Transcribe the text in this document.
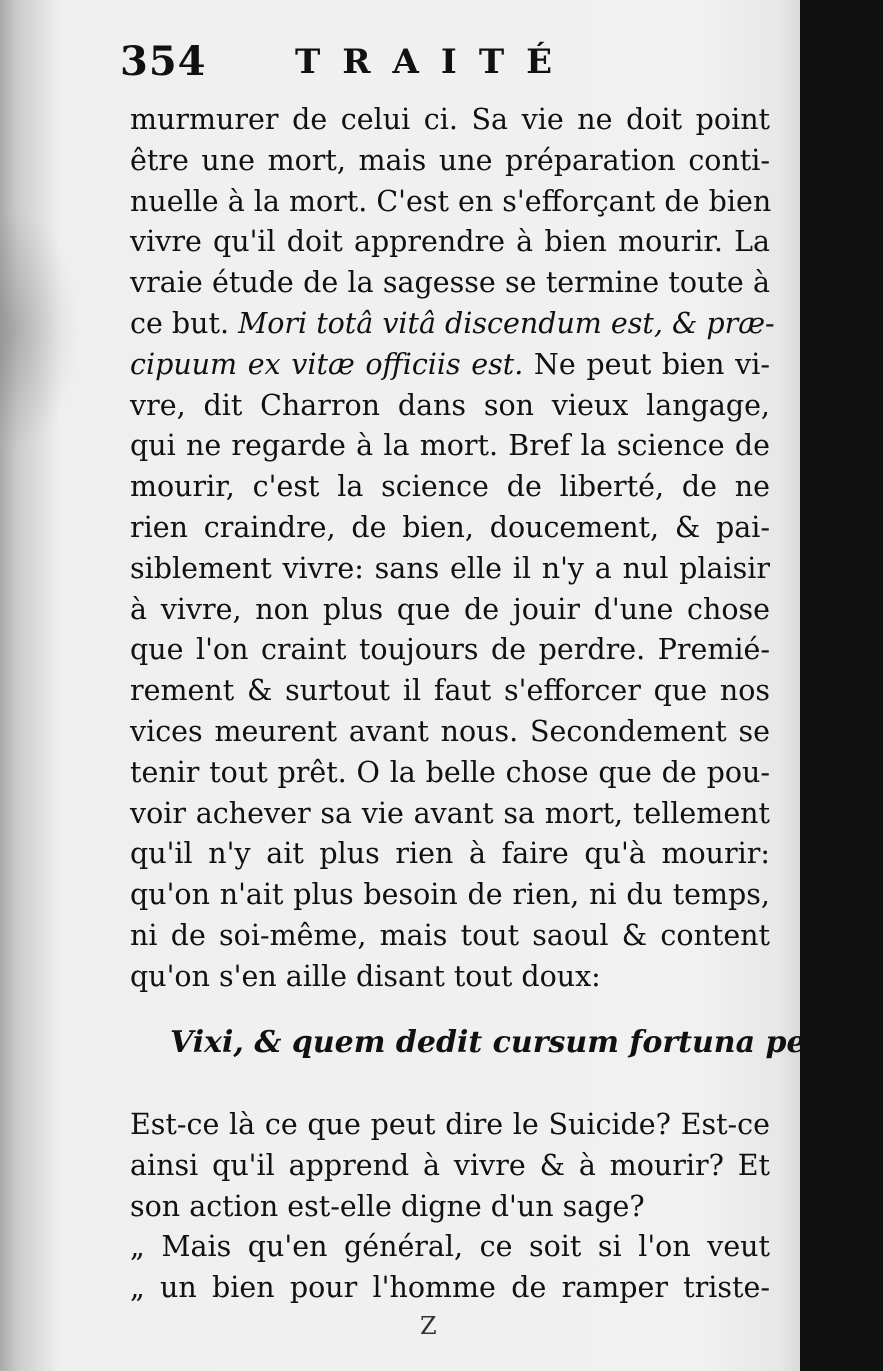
354	TRAITÉ
murmurer de celui ci. Sa vie ne doit point
être une mort, mais une préparation conti-
nuelle à la mort. C'est en s'efforçant de bien
vivre qu'il doit apprendre à bien mourir. La
vraie étude de la sagesse se termine toute à
ce but. Mori totâ vitâ discendum est, & præ-
cipuum ex vitæ officiis est. Ne peut bien vi-
vre, dit Charron dans son vieux langage,
qui ne regarde à la mort. Bref la science de
mourir, c'est la science de liberté, de ne
rien craindre, de bien, doucement, & pai-
siblement vivre: sans elle il n'y a nul plaisir
à vivre, non plus que de jouir d'une chose
que l'on craint toujours de perdre. Premié-
rement & surtout il faut s'efforcer que nos
vices meurent avant nous. Secondement se
tenir tout prêt. O la belle chose que de pou-
voir achever sa vie avant sa mort, tellement
qu'il n'y ait plus rien à faire qu'à mourir:
qu'on n'ait plus besoin de rien, ni du temps,
ni de soi-même, mais tout saoul & content
qu'on s'en aille disant tout doux:
Vixi, & quem dedit cursum fortuna peregi.
Est-ce là ce que peut dire le Suicide? Est-ce
ainsi qu'il apprend à vivre & à mourir? Et
son action est-elle digne d'un sage?
„ Mais qu'en général, ce soit si l'on veut
„ un bien pour l'homme de ramper triste-
Z
